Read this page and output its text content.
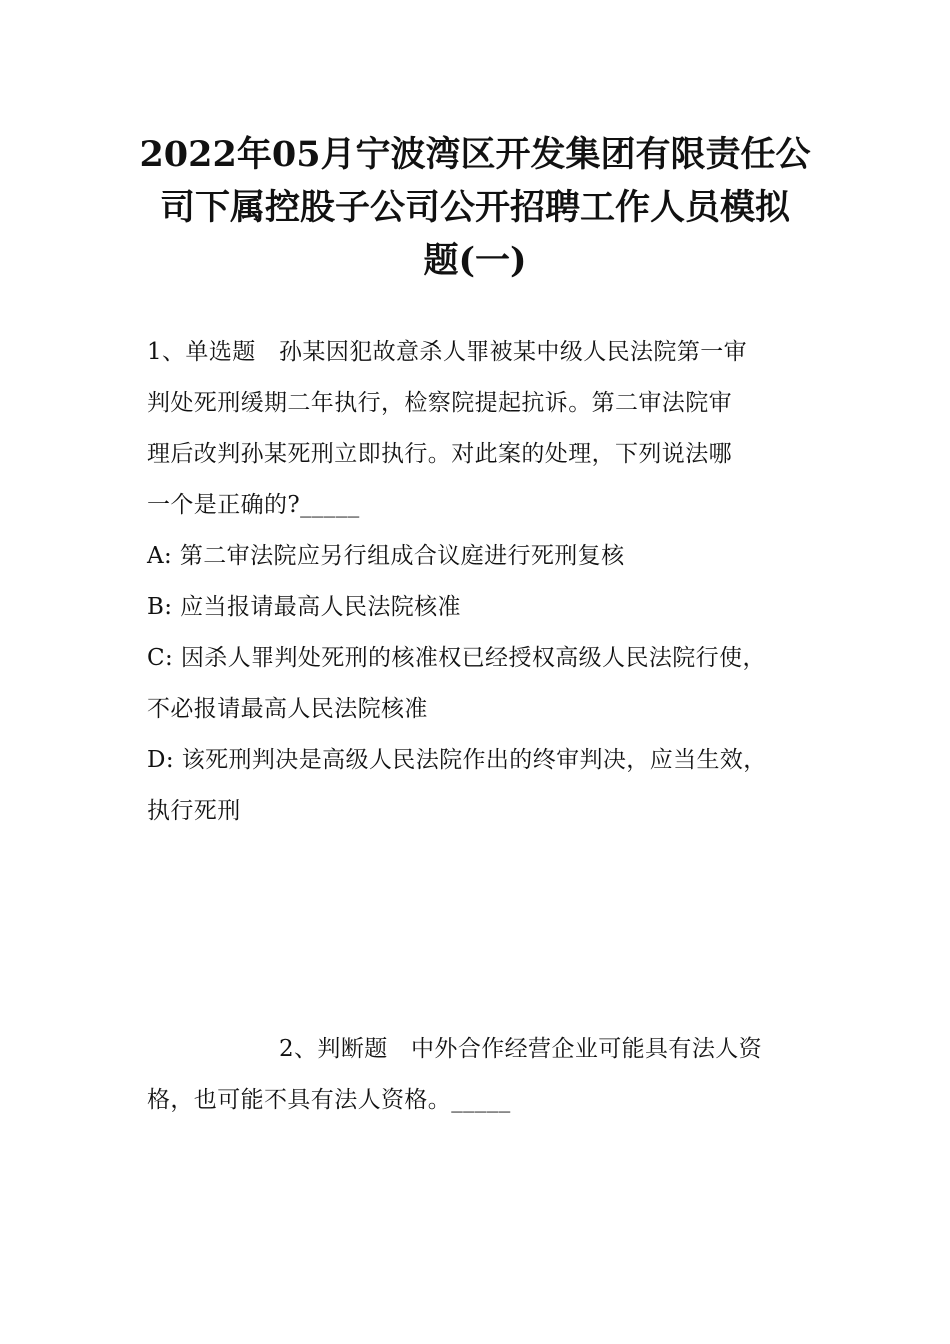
2022年05月宁波湾区开发集团有限责任公
司下属控股子公司公开招聘工作人员模拟
题(一)
1、单选题　孙某因犯故意杀人罪被某中级人民法院第一审
判处死刑缓期二年执行，检察院提起抗诉。第二审法院审
理后改判孙某死刑立即执行。对此案的处理，下列说法哪
一个是正确的?_____
A: 第二审法院应另行组成合议庭进行死刑复核
B: 应当报请最高人民法院核准
C: 因杀人罪判处死刑的核准权已经授权高级人民法院行使，
不必报请最高人民法院核准
D: 该死刑判决是高级人民法院作出的终审判决，应当生效，
执行死刑
2、判断题　中外合作经营企业可能具有法人资
格，也可能不具有法人资格。_____
